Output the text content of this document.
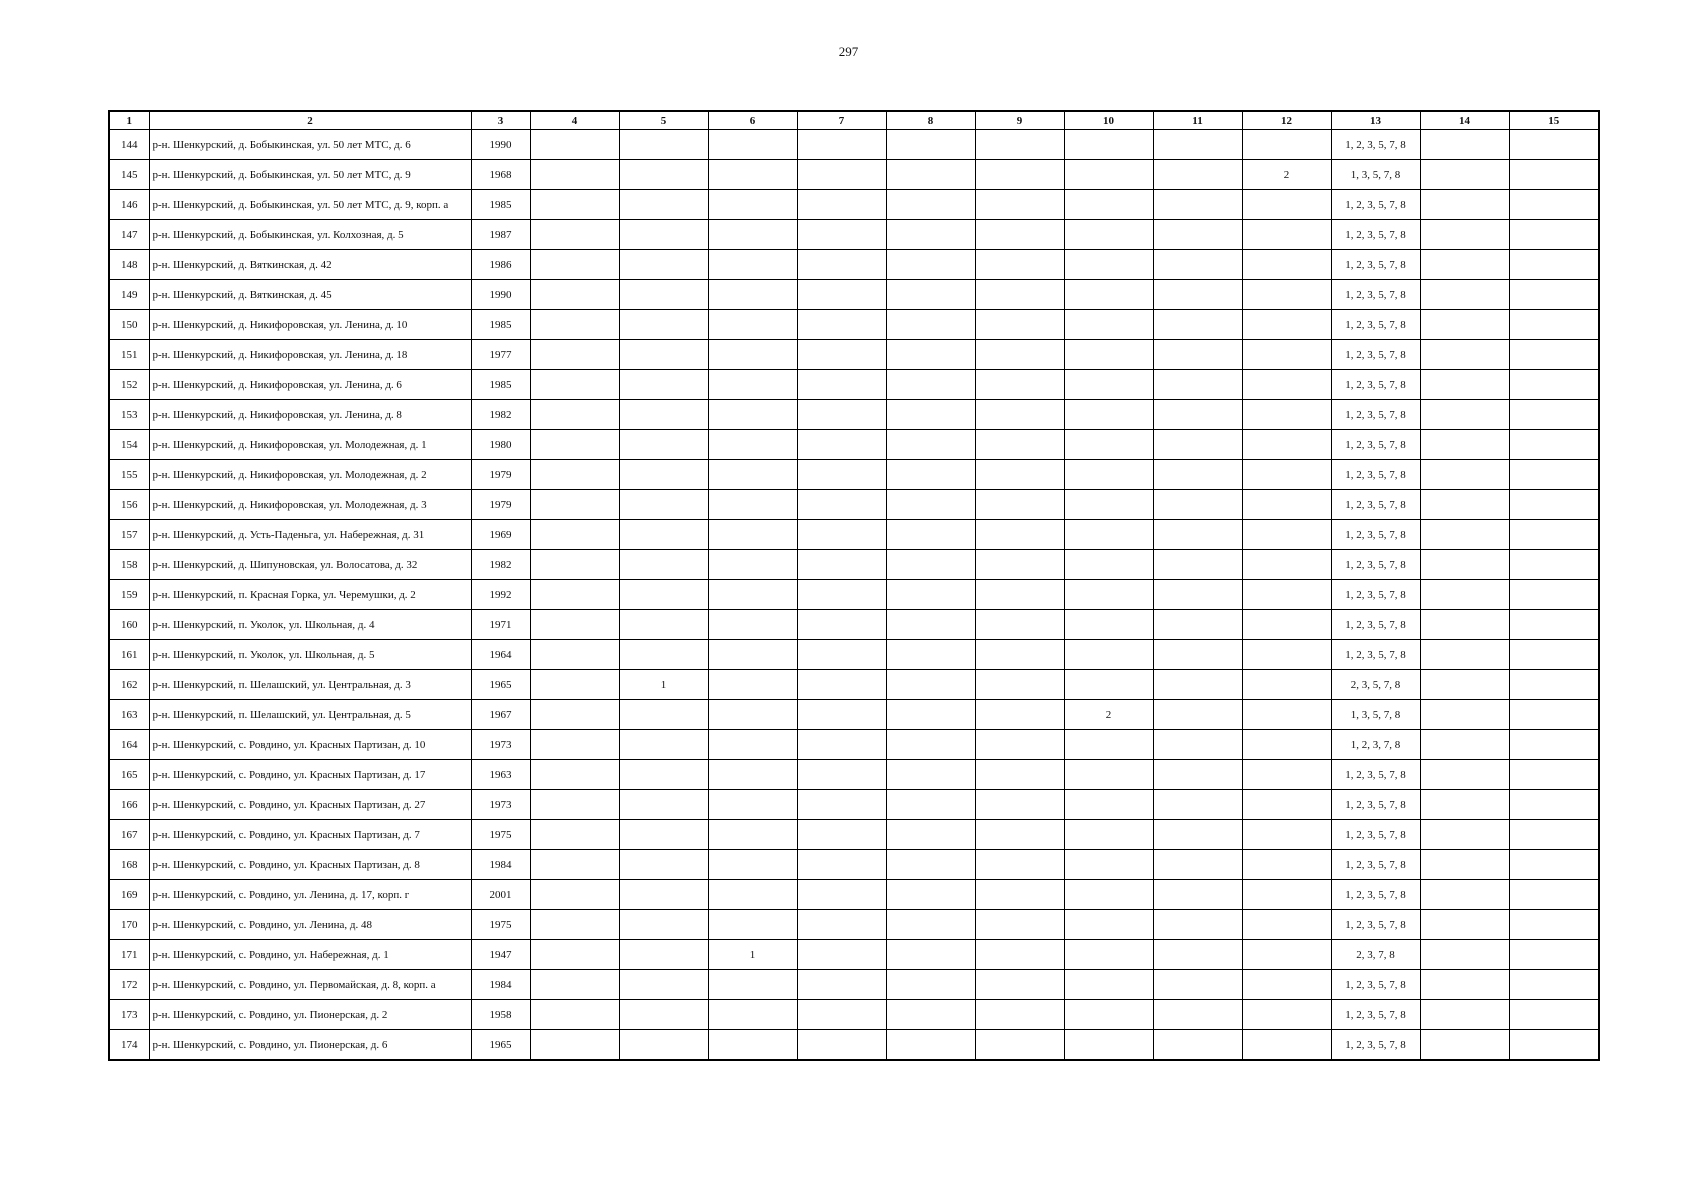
297
1	2	3	4	5	6	7	8	9	10	11	12	13	14	15
144	р-н. Шенкурский, д. Бобыкинская, ул. 50 лет МТС, д. 6	1990										1, 2, 3, 5, 7, 8		
145	р-н. Шенкурский, д. Бобыкинская, ул. 50 лет МТС, д. 9	1968									2	1, 3, 5, 7, 8		
146	р-н. Шенкурский, д. Бобыкинская, ул. 50 лет МТС, д. 9, корп. а	1985										1, 2, 3, 5, 7, 8		
147	р-н. Шенкурский, д. Бобыкинская, ул. Колхозная, д. 5	1987										1, 2, 3, 5, 7, 8		
148	р-н. Шенкурский, д. Вяткинская, д. 42	1986										1, 2, 3, 5, 7, 8		
149	р-н. Шенкурский, д. Вяткинская, д. 45	1990										1, 2, 3, 5, 7, 8		
150	р-н. Шенкурский, д. Никифоровская, ул. Ленина, д. 10	1985										1, 2, 3, 5, 7, 8		
151	р-н. Шенкурский, д. Никифоровская, ул. Ленина, д. 18	1977										1, 2, 3, 5, 7, 8		
152	р-н. Шенкурский, д. Никифоровская, ул. Ленина, д. 6	1985										1, 2, 3, 5, 7, 8		
153	р-н. Шенкурский, д. Никифоровская, ул. Ленина, д. 8	1982										1, 2, 3, 5, 7, 8		
154	р-н. Шенкурский, д. Никифоровская, ул. Молодежная, д. 1	1980										1, 2, 3, 5, 7, 8		
155	р-н. Шенкурский, д. Никифоровская, ул. Молодежная, д. 2	1979										1, 2, 3, 5, 7, 8		
156	р-н. Шенкурский, д. Никифоровская, ул. Молодежная, д. 3	1979										1, 2, 3, 5, 7, 8		
157	р-н. Шенкурский, д. Усть-Паденьга, ул. Набережная, д. 31	1969										1, 2, 3, 5, 7, 8		
158	р-н. Шенкурский, д. Шипуновская, ул. Волосатова, д. 32	1982										1, 2, 3, 5, 7, 8		
159	р-н. Шенкурский, п. Красная Горка, ул. Черемушки, д. 2	1992										1, 2, 3, 5, 7, 8		
160	р-н. Шенкурский, п. Уколок, ул. Школьная, д. 4	1971										1, 2, 3, 5, 7, 8		
161	р-н. Шенкурский, п. Уколок, ул. Школьная, д. 5	1964										1, 2, 3, 5, 7, 8		
162	р-н. Шенкурский, п. Шелашский, ул. Центральная, д. 3	1965		1								2, 3, 5, 7, 8		
163	р-н. Шенкурский, п. Шелашский, ул. Центральная, д. 5	1967							2			1, 3, 5, 7, 8		
164	р-н. Шенкурский, с. Ровдино, ул. Красных Партизан, д. 10	1973										1, 2, 3, 7, 8		
165	р-н. Шенкурский, с. Ровдино, ул. Красных Партизан, д. 17	1963										1, 2, 3, 5, 7, 8		
166	р-н. Шенкурский, с. Ровдино, ул. Красных Партизан, д. 27	1973										1, 2, 3, 5, 7, 8		
167	р-н. Шенкурский, с. Ровдино, ул. Красных Партизан, д. 7	1975										1, 2, 3, 5, 7, 8		
168	р-н. Шенкурский, с. Ровдино, ул. Красных Партизан, д. 8	1984										1, 2, 3, 5, 7, 8		
169	р-н. Шенкурский, с. Ровдино, ул. Ленина, д. 17, корп. г	2001										1, 2, 3, 5, 7, 8		
170	р-н. Шенкурский, с. Ровдино, ул. Ленина, д. 48	1975										1, 2, 3, 5, 7, 8		
171	р-н. Шенкурский, с. Ровдино, ул. Набережная, д. 1	1947			1							2, 3, 7, 8		
172	р-н. Шенкурский, с. Ровдино, ул. Первомайская, д. 8, корп. а	1984										1, 2, 3, 5, 7, 8		
173	р-н. Шенкурский, с. Ровдино, ул. Пионерская, д. 2	1958										1, 2, 3, 5, 7, 8		
174	р-н. Шенкурский, с. Ровдино, ул. Пионерская, д. 6	1965										1, 2, 3, 5, 7, 8		
